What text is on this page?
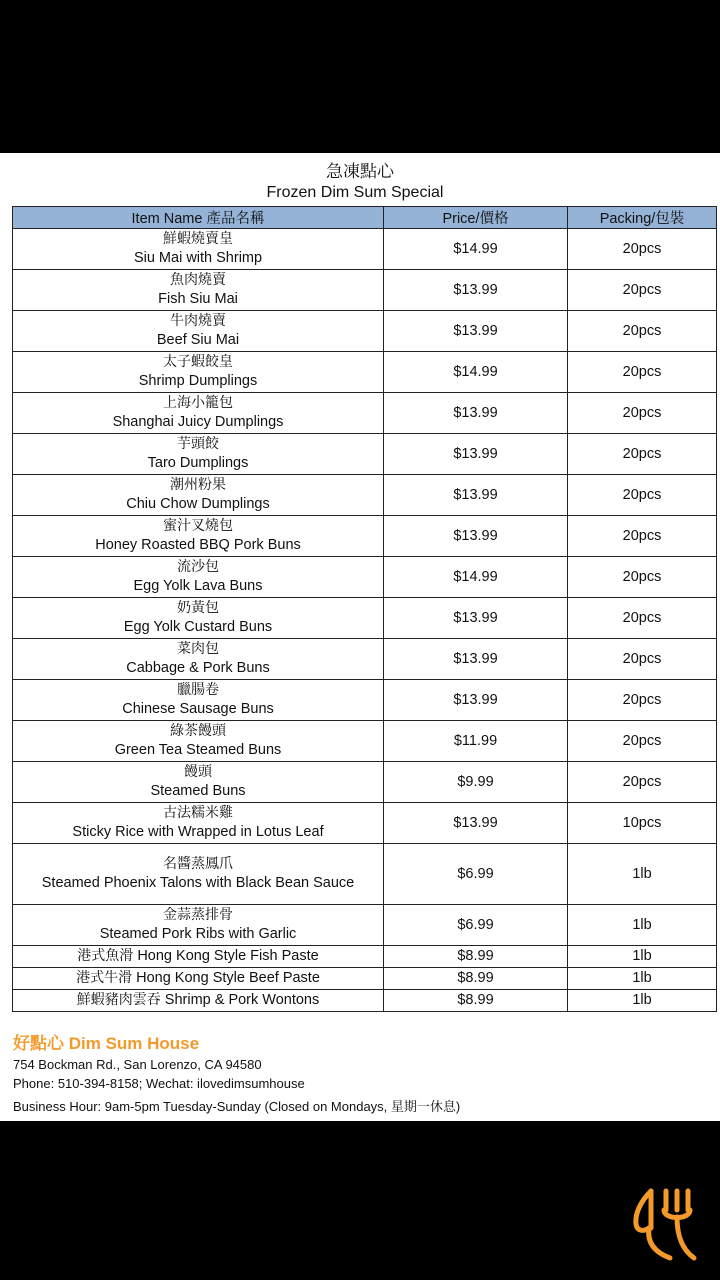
急凍點心
Frozen Dim Sum Special
Item Name 產品名稱	Price/價格	Packing/包裝

鮮蝦燒賣皇
Siu Mai with Shrimp	$14.99	20pcs

魚肉燒賣
Fish Siu Mai	$13.99	20pcs

牛肉燒賣
Beef Siu Mai	$13.99	20pcs

太子蝦餃皇
Shrimp Dumplings	$14.99	20pcs

上海小籠包
Shanghai Juicy Dumplings	$13.99	20pcs

芋頭餃
Taro Dumplings	$13.99	20pcs

潮州粉果
Chiu Chow Dumplings	$13.99	20pcs

蜜汁叉燒包
Honey Roasted BBQ Pork Buns	$13.99	20pcs

流沙包
Egg Yolk Lava Buns	$14.99	20pcs

奶黃包
Egg Yolk Custard Buns	$13.99	20pcs

菜肉包
Cabbage & Pork Buns	$13.99	20pcs

臘腸卷
Chinese Sausage Buns	$13.99	20pcs

綠茶饅頭
Green Tea Steamed Buns	$11.99	20pcs

饅頭
Steamed Buns	$9.99	20pcs

古法糯米雞
Sticky Rice with Wrapped in Lotus Leaf	$13.99	10pcs

名醬蒸鳳爪
Steamed Phoenix Talons with Black Bean Sauce	$6.99	1lb

金蒜蒸排骨
Steamed Pork Ribs with Garlic	$6.99	1lb
港式魚滑 Hong Kong Style Fish Paste	$8.99	1lb
港式牛滑 Hong Kong Style Beef Paste	$8.99	1lb
鮮蝦豬肉雲吞 Shrimp & Pork Wontons	$8.99	1lb
好點心 Dim Sum House
754 Bockman Rd., San Lorenzo, CA 94580
Phone: 510-394-8158; Wechat: ilovedimsumhouse
Business Hour: 9am-5pm Tuesday-Sunday (Closed on Mondays, 星期一休息)
